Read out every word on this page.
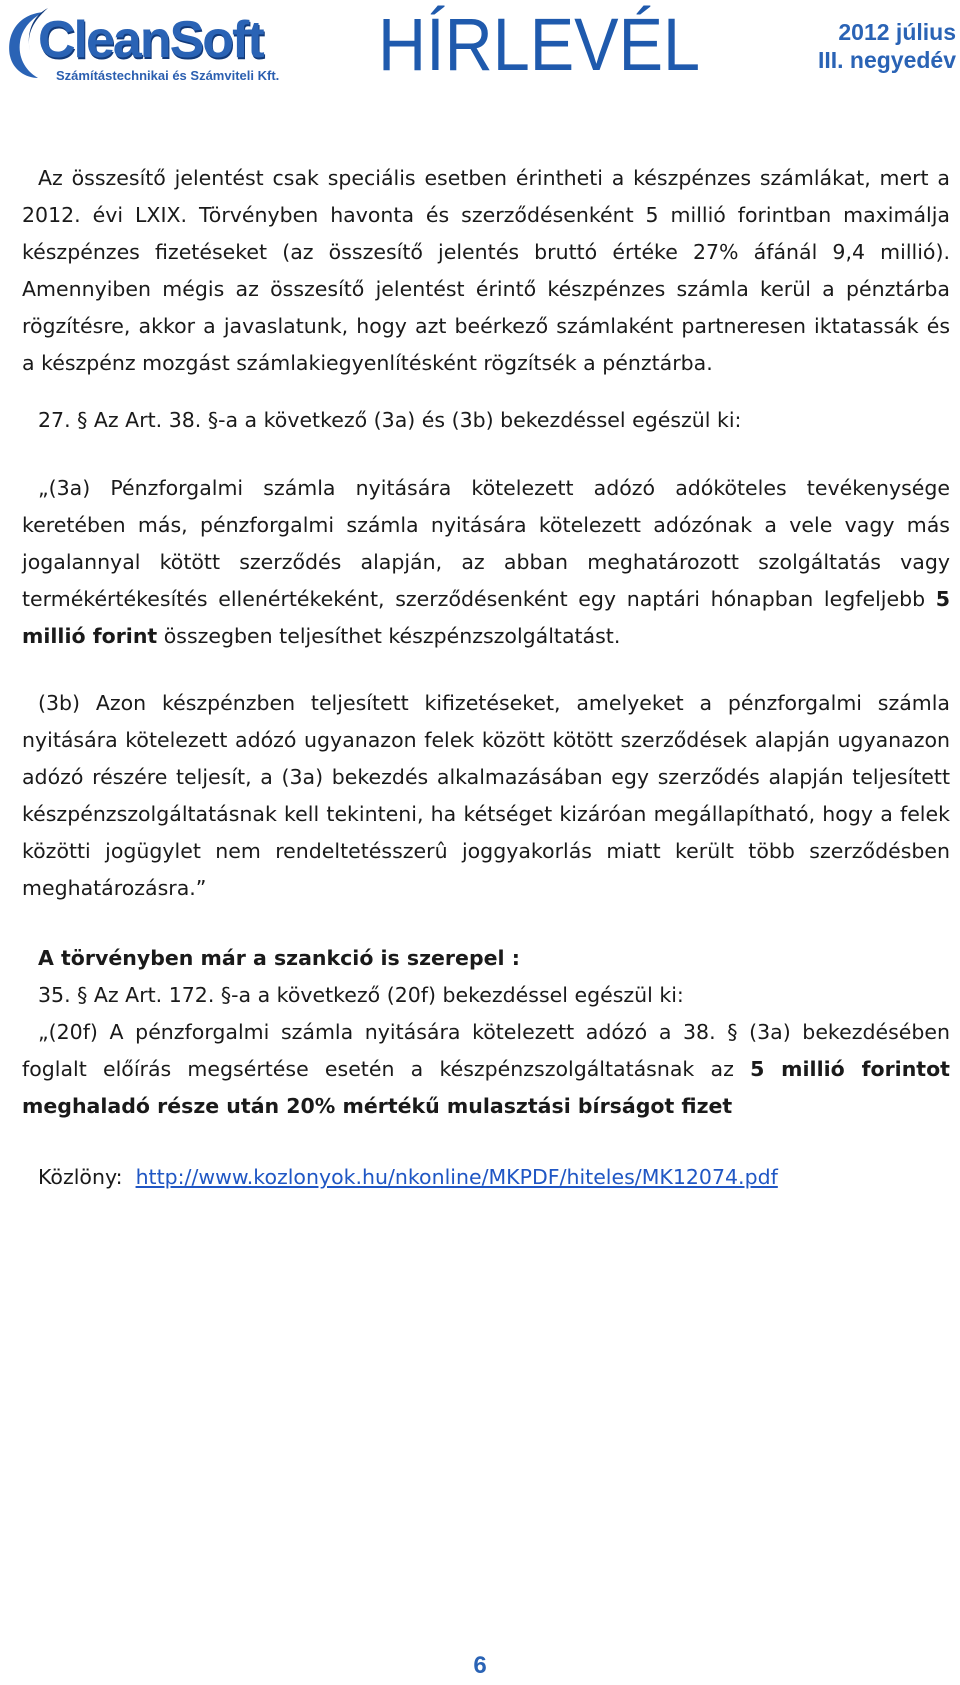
CleanSoft
Számítástechnikai és Számviteli Kft. HÍRLEVÉL	2012 július
III. negyedév

Az összesítő jelentést csak speciális esetben érintheti a készpénzes számlákat, mert a 2012. évi LXIX. Törvényben havonta és szerződésenként 5 millió forintban maximálja készpénzes fizetéseket (az összesítő jelentés bruttó értéke 27% áfánál 9,4 millió). Amennyiben mégis az összesítő jelentést érintő készpénzes számla kerül a pénztárba rögzítésre, akkor a javaslatunk, hogy azt beérkező számlaként partneresen iktatassák és a készpénz mozgást számlakiegyenlítésként rögzítsék a pénztárba.

27. § Az Art. 38. §-a a következő (3a) és (3b) bekezdéssel egészül ki:

„(3a) Pénzforgalmi számla nyitására kötelezett adózó adóköteles tevékenysége keretében más, pénzforgalmi számla nyitására kötelezett adózónak a vele vagy más jogalannyal kötött szerződés alapján, az abban meghatározott szolgáltatás vagy termékértékesítés ellenértékeként, szerződésenként egy naptári hónapban legfeljebb 5 millió forint összegben teljesíthet készpénzszolgáltatást.

(3b) Azon készpénzben teljesített kifizetéseket, amelyeket a pénzforgalmi számla nyitására kötelezett adózó ugyanazon felek között kötött szerződések alapján ugyanazon adózó részére teljesít, a (3a) bekezdés alkalmazásában egy szerződés alapján teljesített készpénzszolgáltatásnak kell tekinteni, ha kétséget kizáróan megállapítható, hogy a felek közötti jogügylet nem rendeltetésszerû joggyakorlás miatt került több szerződésben meghatározásra.”

A törvényben már a szankció is szerepel :

35. § Az Art. 172. §-a a következő (20f) bekezdéssel egészül ki:

„(20f) A pénzforgalmi számla nyitására kötelezett adózó a 38. § (3a) bekezdésében foglalt előírás megsértése esetén a készpénzszolgáltatásnak az 5 millió forintot meghaladó része után 20% mértékű mulasztási bírságot fizet

Közlöny: http://www.kozlonyok.hu/nkonline/MKPDF/hiteles/MK12074.pdf

6
